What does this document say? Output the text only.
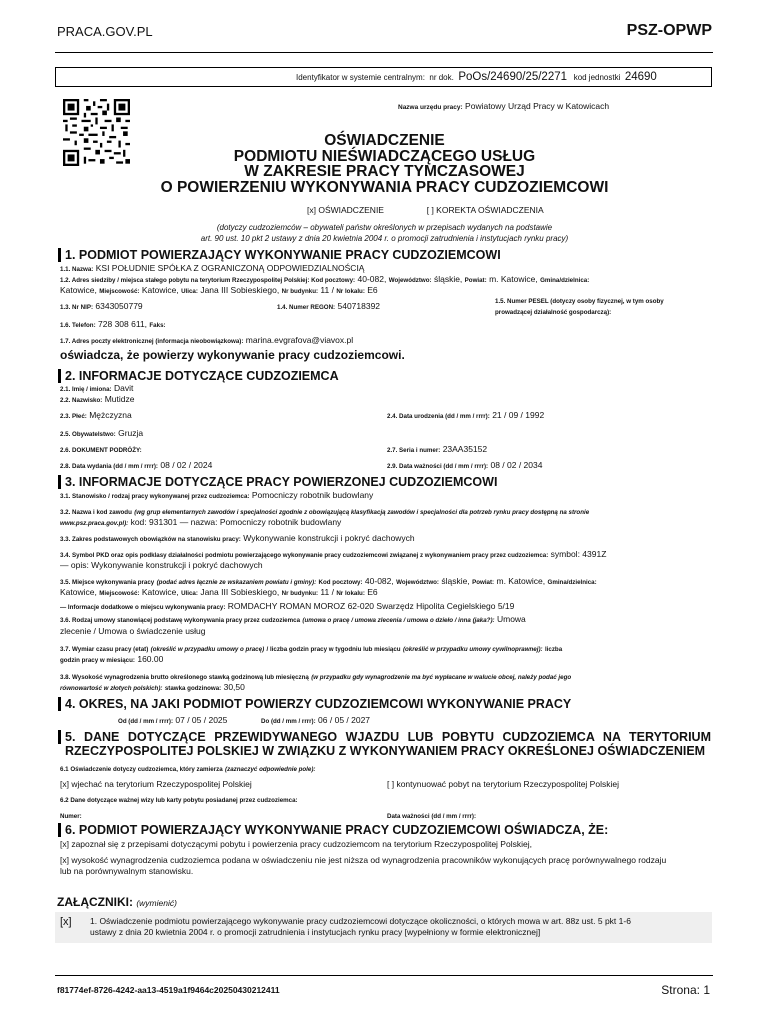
PRACA.GOV.PL	PSZ-OPWP
Identyfikator w systemie centralnym: nr dok. PoOs/24690/25/2271 kod jednostki 24690
Nazwa urzędu pracy: Powiatowy Urząd Pracy w Katowicach
OŚWIADCZENIE
PODMIOTU NIEŚWIADCZĄCEGO USŁUG
W ZAKRESIE PRACY TYMCZASOWEJ
O POWIERZENIU WYKONYWANIA PRACY CUDZOZIEMCOWI
[x] OŚWIADCZENIE	[ ] KOREKTA OŚWIADCZENIA
(dotyczy cudzoziemców – obywateli państw określonych w przepisach wydanych na podstawie
art. 90 ust. 10 pkt 2 ustawy z dnia 20 kwietnia 2004 r. o promocji zatrudnienia i instytucjach rynku pracy)
1. PODMIOT POWIERZAJĄCY WYKONYWANIE PRACY CUDZOZIEMCOWI
1.1. Nazwa: KSI POŁUDNIE SPÓŁKA Z OGRANICZONĄ ODPOWIEDZIALNOŚCIĄ
1.2. Adres siedziby / miejsca stałego pobytu na terytorium Rzeczypospolitej Polskiej: Kod pocztowy: 40-082, Województwo: śląskie, Powiat: m. Katowice, Gmina/dzielnica:
Katowice, Miejscowość: Katowice, Ulica: Jana III Sobieskiego, Nr budynku: 11 / Nr lokalu: E6
1.3. Nr NIP: 6343050779	1.4. Numer REGON: 540718392	1.5. Numer PESEL (dotyczy osoby fizycznej, w tym osoby
prowadzącej działalność gospodarczą):
1.6. Telefon: 728 308 611, Faks:
1.7. Adres poczty elektronicznej (informacja nieobowiązkowa): marina.evgrafova@viavox.pl
oświadcza, że powierzy wykonywanie pracy cudzoziemcowi.
2. INFORMACJE DOTYCZĄCE CUDZOZIEMCA
2.1. Imię / imiona: Davit
2.2. Nazwisko: Mutidze
2.3. Płeć: Mężczyzna	2.4. Data urodzenia (dd / mm / rrrr): 21 / 09 / 1992
2.5. Obywatelstwo: Gruzja
2.6. DOKUMENT PODRÓŻY:	2.7. Seria i numer: 23AA35152
2.8. Data wydania (dd / mm / rrrr): 08 / 02 / 2024	2.9. Data ważności (dd / mm / rrrr): 08 / 02 / 2034
3. INFORMACJE DOTYCZĄCE PRACY POWIERZONEJ CUDZOZIEMCOWI
3.1. Stanowisko / rodzaj pracy wykonywanej przez cudzoziemca: Pomocniczy robotnik budowlany
3.2. Nazwa i kod zawodu (wg grup elementarnych zawodów i specjalności zgodnie z obowiązującą klasyfikacją zawodów i specjalności dla potrzeb rynku pracy dostępną na stronie
www.psz.praca.gov.pl): kod: 931301 — nazwa: Pomocniczy robotnik budowlany
3.3. Zakres podstawowych obowiązków na stanowisku pracy: Wykonywanie konstrukcji i pokryć dachowych
3.4. Symbol PKD oraz opis podklasy działalności podmiotu powierzającego wykonywanie pracy cudzoziemcowi związanej z wykonywaniem pracy przez cudzoziemca: symbol: 4391Z
— opis: Wykonywanie konstrukcji i pokryć dachowych
3.5. Miejsce wykonywania pracy (podać adres łącznie ze wskazaniem powiatu i gminy): Kod pocztowy: 40-082, Województwo: śląskie, Powiat: m. Katowice, Gmina/dzielnica:
Katowice, Miejscowość: Katowice, Ulica: Jana III Sobieskiego, Nr budynku: 11 / Nr lokalu: E6
— Informacje dodatkowe o miejscu wykonywania pracy: ROMDACHY ROMAN MOROZ 62-020 Swarzędz Hipolita Cegielskiego 5/19
3.6. Rodzaj umowy stanowiącej podstawę wykonywania pracy przez cudzoziemca (umowa o pracę / umowa zlecenia / umowa o dzieło / inna (jaka?): Umowa
zlecenie / Umowa o świadczenie usług
3.7. Wymiar czasu pracy (etat) (określić w przypadku umowy o pracę) / liczba godzin pracy w tygodniu lub miesiącu (określić w przypadku umowy cywilnoprawnej): liczba
godzin pracy w miesiącu: 160.00
3.8. Wysokość wynagrodzenia brutto określonego stawką godzinową lub miesięczną (w przypadku gdy wynagrodzenie ma być wypłacane w walucie obcej, należy podać jego
równowartość w złotych polskich): stawka godzinowa: 30,50
4. OKRES, NA JAKI PODMIOT POWIERZY CUDZOZIEMCOWI WYKONYWANIE PRACY
Od (dd / mm / rrrr): 07 / 05 / 2025	Do (dd / mm / rrrr): 06 / 05 / 2027
5. DANE DOTYCZĄCE PRZEWIDYWANEGO WJAZDU LUB POBYTU CUDZOZIEMCA NA TERYTORIUM
RZECZYPOSPOLITEJ POLSKIEJ W ZWIĄZKU Z WYKONYWANIEM PRACY OKREŚLONEJ OŚWIADCZENIEM
6.1 Oświadczenie dotyczy cudzoziemca, który zamierza (zaznaczyć odpowiednie pole):
[x] wjechać na terytorium Rzeczypospolitej Polskiej	[ ] kontynuować pobyt na terytorium Rzeczypospolitej Polskiej
6.2 Dane dotyczące ważnej wizy lub karty pobytu posiadanej przez cudzoziemca:
Numer:	Data ważności (dd / mm / rrrr):
6. PODMIOT POWIERZAJĄCY WYKONYWANIE PRACY CUDZOZIEMCOWI OŚWIADCZA, ŻE:
[x] zapoznał się z przepisami dotyczącymi pobytu i powierzenia pracy cudzoziemcom na terytorium Rzeczypospolitej Polskiej,
[x] wysokość wynagrodzenia cudzoziemca podana w oświadczeniu nie jest niższa od wynagrodzenia pracowników wykonujących pracę porównywalnego rodzaju
lub na porównywalnym stanowisku.
ZAŁĄCZNIKI: (wymienić)
[x] 1. Oświadczenie podmiotu powierzającego wykonywanie pracy cudzoziemcowi dotyczące okoliczności, o których mowa w art. 88z ust. 5 pkt 1-6
ustawy z dnia 20 kwietnia 2004 r. o promocji zatrudnienia i instytucjach rynku pracy [wypełniony w formie elektronicznej]
f81774ef-8726-4242-aa13-4519a1f9464c20250430212411	Strona: 1
